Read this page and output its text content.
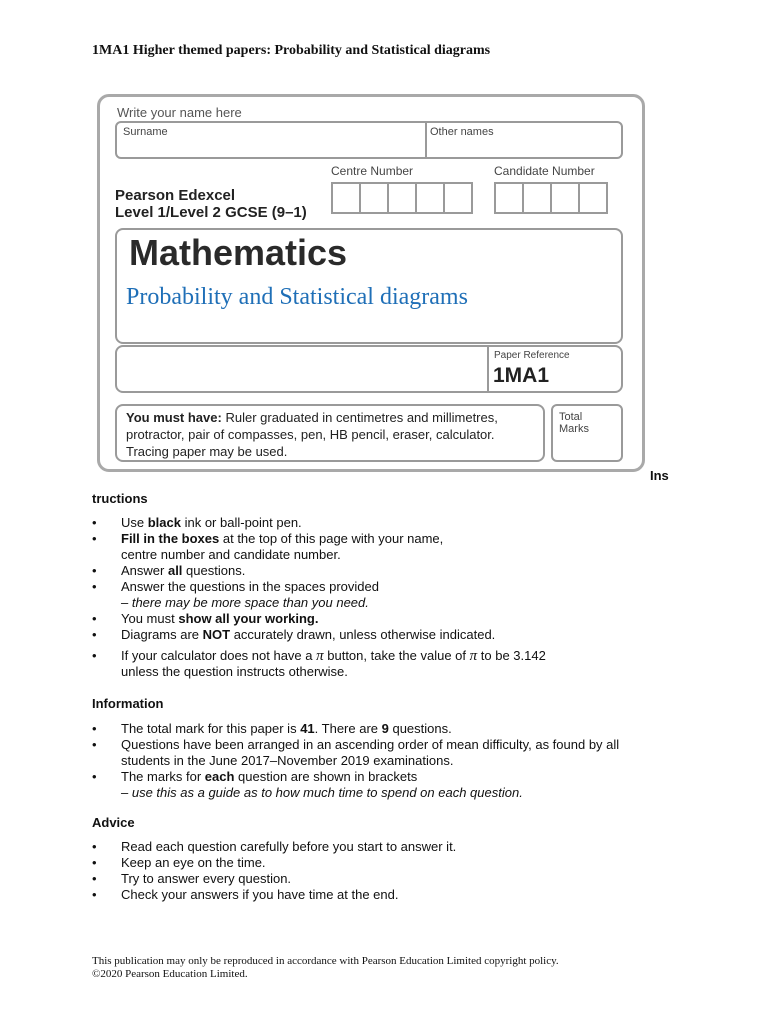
1MA1 Higher themed papers: Probability and Statistical diagrams
Write your name here
Surname	Other names
Centre Number	Candidate Number
Pearson Edexcel
Level 1/Level 2 GCSE (9–1)
Mathematics
Probability and Statistical diagrams
Paper Reference
1MA1
You must have: Ruler graduated in centimetres and millimetres, protractor, pair of compasses, pen, HB pencil, eraser, calculator. Tracing paper may be used.
Total Marks
Ins
tructions
• Use black ink or ball-point pen.
• Fill in the boxes at the top of this page with your name,
centre number and candidate number.
• Answer all questions.
• Answer the questions in the spaces provided
– there may be more space than you need.
• You must show all your working.
• Diagrams are NOT accurately drawn, unless otherwise indicated.
• If your calculator does not have a π button, take the value of π to be 3.142
unless the question instructs otherwise.
Information
• The total mark for this paper is 41. There are 9 questions.
• Questions have been arranged in an ascending order of mean difficulty, as found by all
students in the June 2017–November 2019 examinations.
• The marks for each question are shown in brackets
– use this as a guide as to how much time to spend on each question.
Advice
• Read each question carefully before you start to answer it.
• Keep an eye on the time.
• Try to answer every question.
• Check your answers if you have time at the end.
This publication may only be reproduced in accordance with Pearson Education Limited copyright policy.
©2020 Pearson Education Limited.
